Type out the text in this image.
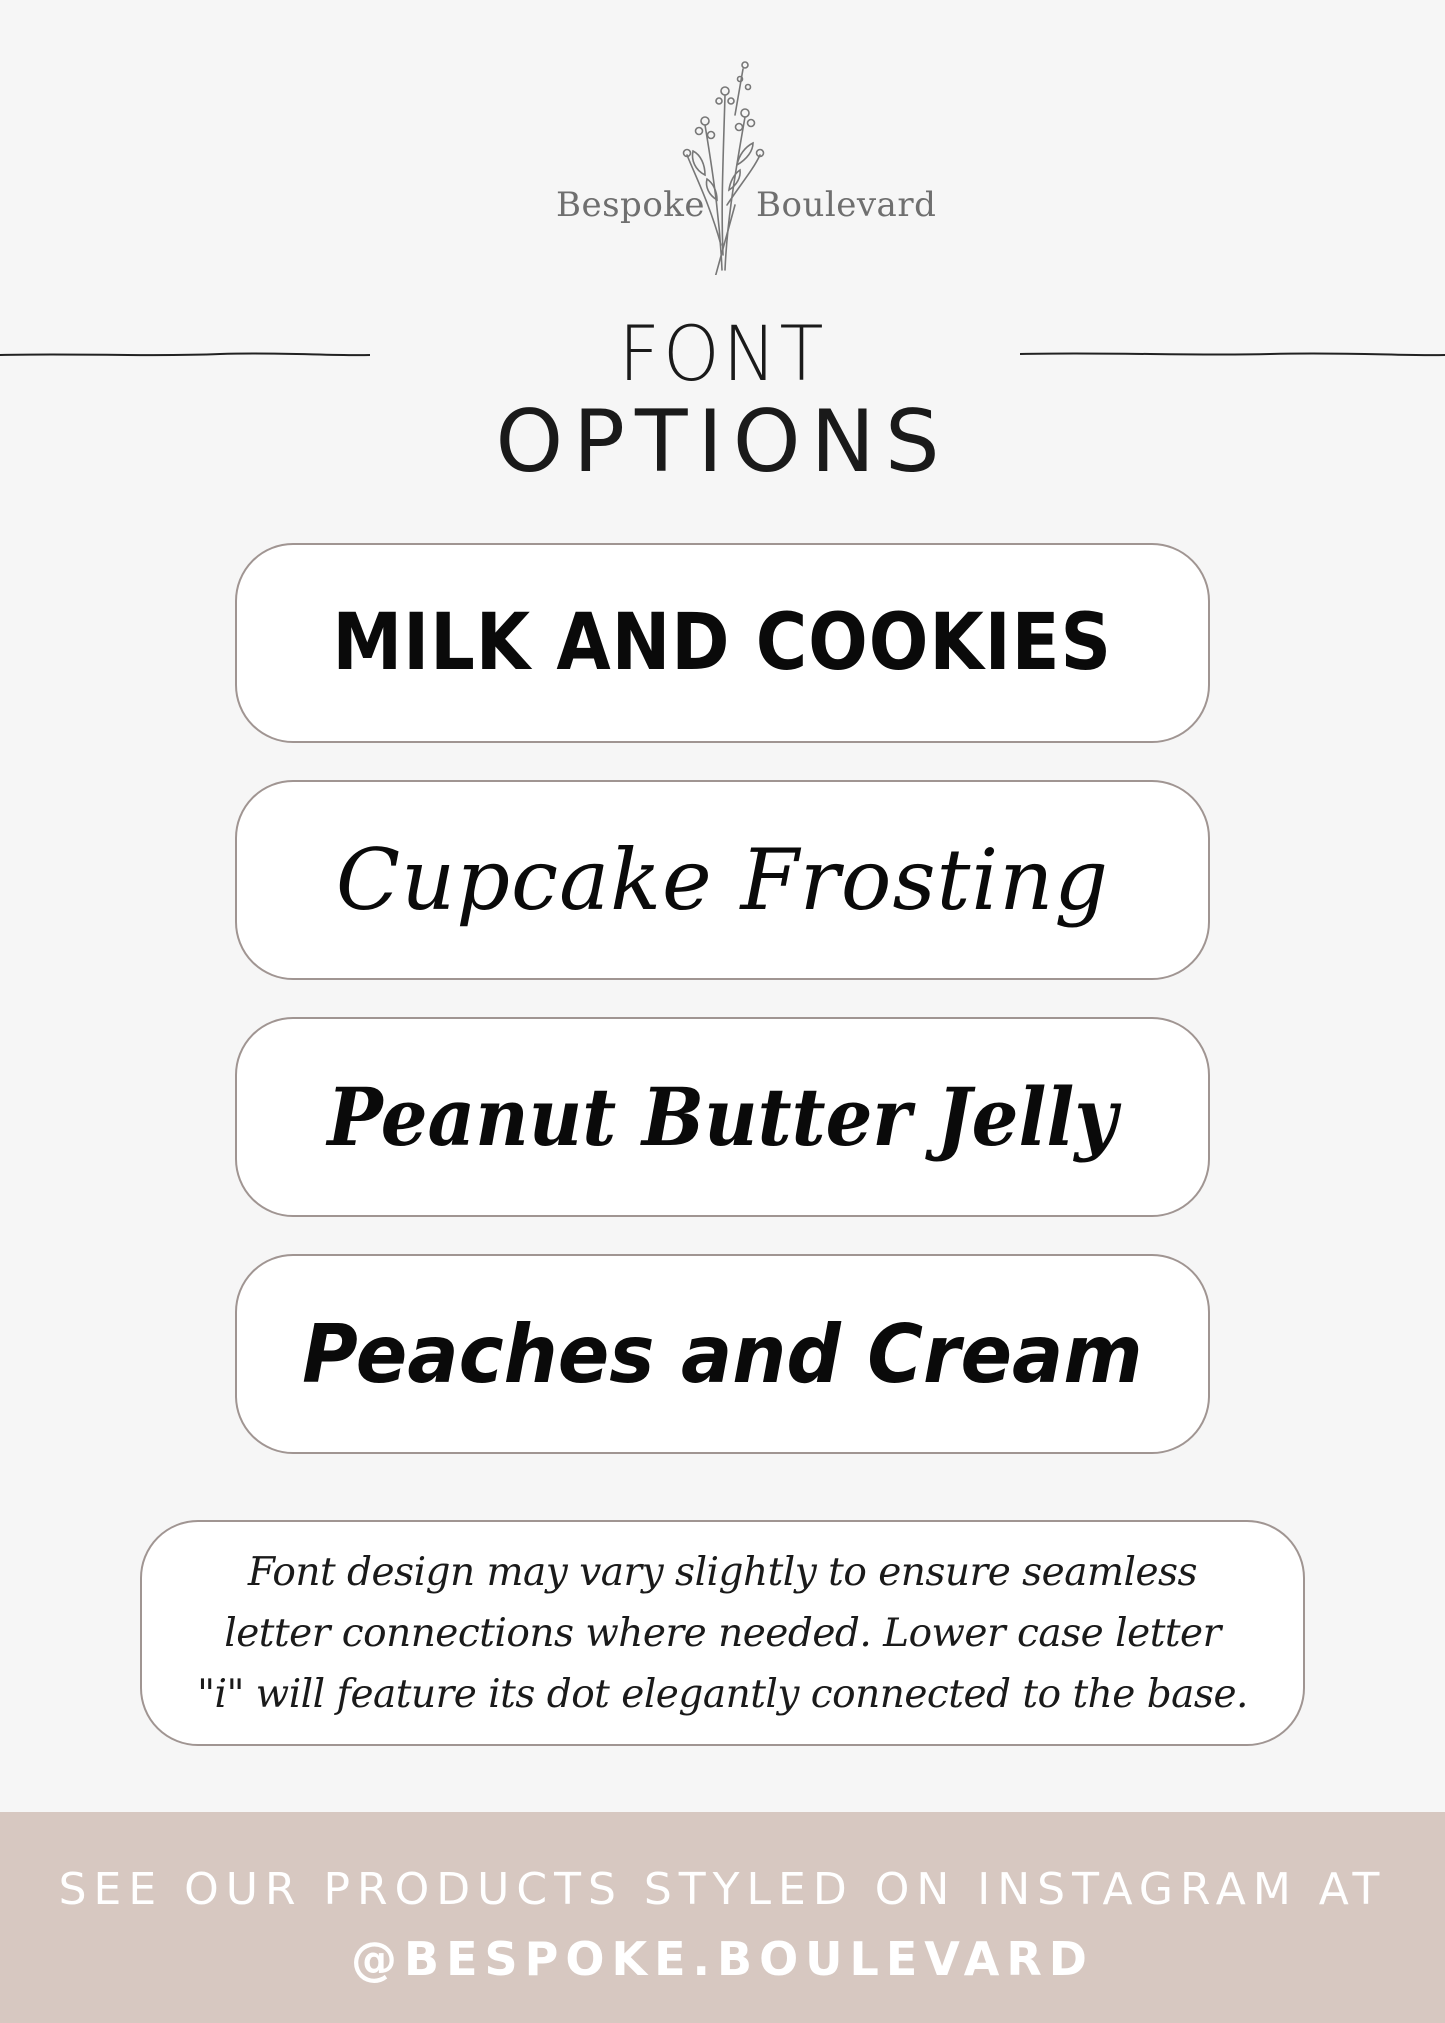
Bespoke Boulevard
FONT
OPTIONS
MILK AND COOKIES
Cupcake Frosting
Peanut Butter Jelly
Peaches and Cream
Font design may vary slightly to ensure seamless
letter connections where needed. Lower case letter
"i" will feature its dot elegantly connected to the base.
SEE OUR PRODUCTS STYLED ON INSTAGRAM AT
@BESPOKE.BOULEVARD
